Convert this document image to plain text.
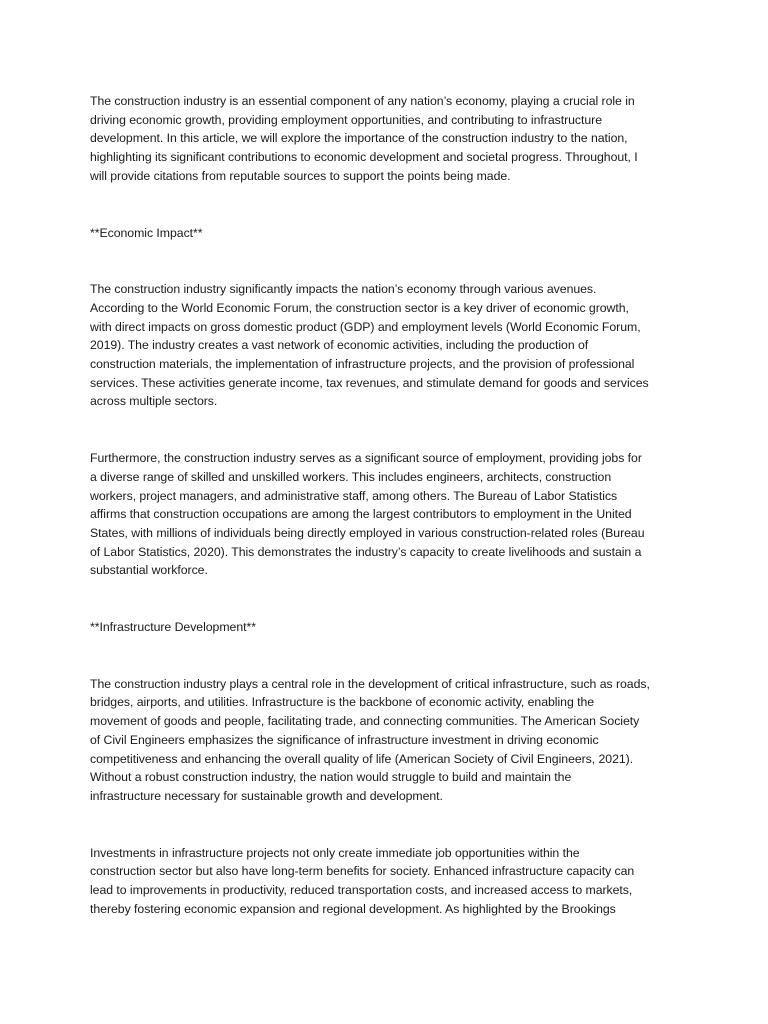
The construction industry is an essential component of any nation’s economy, playing a crucial role in
driving economic growth, providing employment opportunities, and contributing to infrastructure
development. In this article, we will explore the importance of the construction industry to the nation,
highlighting its significant contributions to economic development and societal progress. Throughout, I
will provide citations from reputable sources to support the points being made.
**Economic Impact**
The construction industry significantly impacts the nation’s economy through various avenues.
According to the World Economic Forum, the construction sector is a key driver of economic growth,
with direct impacts on gross domestic product (GDP) and employment levels (World Economic Forum,
2019). The industry creates a vast network of economic activities, including the production of
construction materials, the implementation of infrastructure projects, and the provision of professional
services. These activities generate income, tax revenues, and stimulate demand for goods and services
across multiple sectors.
Furthermore, the construction industry serves as a significant source of employment, providing jobs for
a diverse range of skilled and unskilled workers. This includes engineers, architects, construction
workers, project managers, and administrative staff, among others. The Bureau of Labor Statistics
affirms that construction occupations are among the largest contributors to employment in the United
States, with millions of individuals being directly employed in various construction-related roles (Bureau
of Labor Statistics, 2020). This demonstrates the industry’s capacity to create livelihoods and sustain a
substantial workforce.
**Infrastructure Development**
The construction industry plays a central role in the development of critical infrastructure, such as roads,
bridges, airports, and utilities. Infrastructure is the backbone of economic activity, enabling the
movement of goods and people, facilitating trade, and connecting communities. The American Society
of Civil Engineers emphasizes the significance of infrastructure investment in driving economic
competitiveness and enhancing the overall quality of life (American Society of Civil Engineers, 2021).
Without a robust construction industry, the nation would struggle to build and maintain the
infrastructure necessary for sustainable growth and development.
Investments in infrastructure projects not only create immediate job opportunities within the
construction sector but also have long-term benefits for society. Enhanced infrastructure capacity can
lead to improvements in productivity, reduced transportation costs, and increased access to markets,
thereby fostering economic expansion and regional development. As highlighted by the Brookings
